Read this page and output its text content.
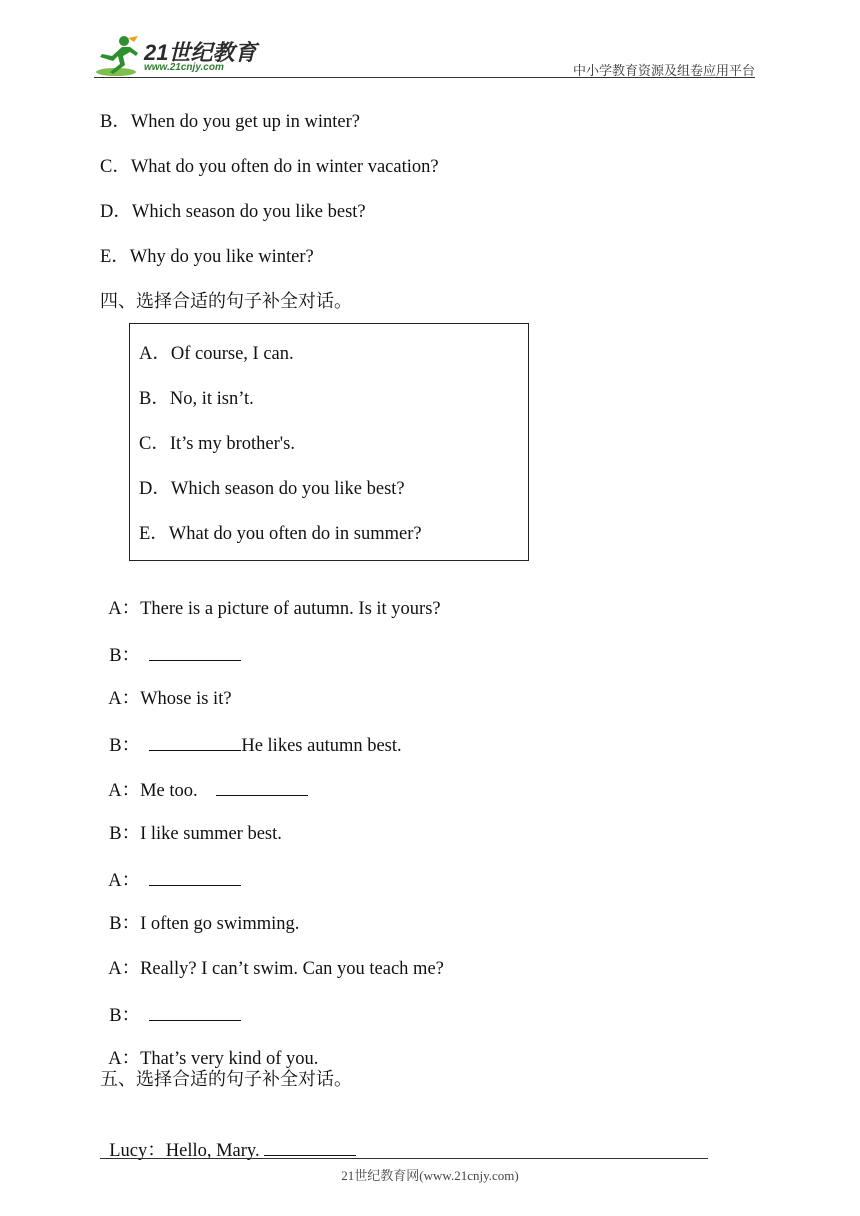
21世纪教育
www.21cnjy.com	中小学教育资源及组卷应用平台
B．When do you get up in winter?
C．What do you often do in winter vacation?
D．Which season do you like best?
E．Why do you like winter?
四、选择合适的句子补全对话。
A．Of course, I can.
B．No, it isn’t.
C．It’s my brother's.
D．Which season do you like best?
E．What do you often do in summer?

A：There is a picture of autumn. Is it yours?

B：

A：Whose is it?

B：	He likes autumn best.

A：Me too.

B：I like summer best.

A：

B：I often go swimming.

A：Really? I can’t swim. Can you teach me?

B：

A：That’s very kind of you.

五、选择合适的句子补全对话。

Lucy：Hello, Mary.

21世纪教育网(www.21cnjy.com)
